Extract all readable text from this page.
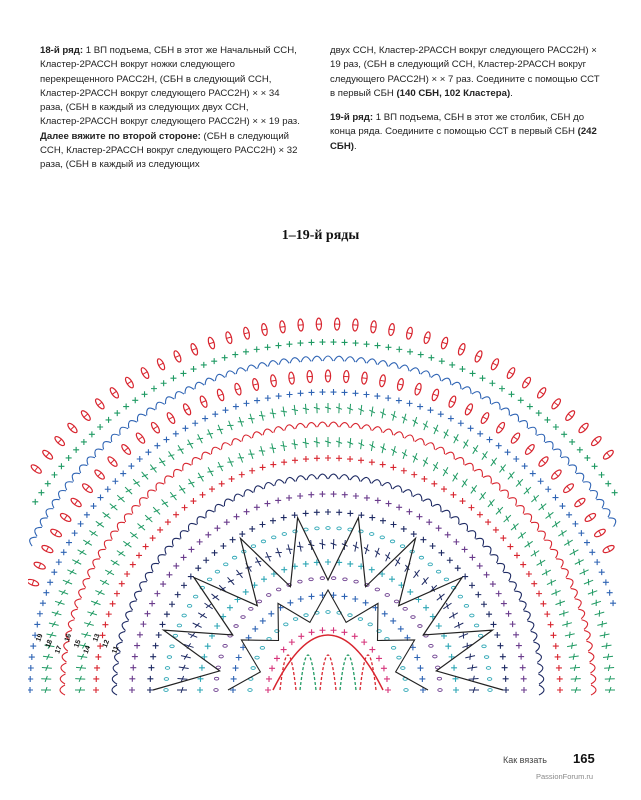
18-й ряд: 1 ВП подъема, СБН в этот же Начальный ССН, Кластер-2РАССН вокруг ножки следующего перекрещенного РАСС2Н, (СБН в следующий ССН, Кластер-2РАССН вокруг следующего РАСС2Н) × × 34 раза, (СБН в каждый из следующих двух ССН, Кластер-2РАССН вокруг следующего РАСС2Н) × × 19 раз.

Далее вяжите по второй стороне: (СБН в следующий ССН, Кластер-2РАССН вокруг следующего РАСС2Н) × 32 раза, (СБН в каждый из следующих

двух ССН, Кластер-2РАССН вокруг следующего РАСС2Н) × 19 раз, (СБН в следующий ССН, Кластер-2РАССН вокруг следующего РАСС2Н) × × 7 раз. Соедините с помощью ССТ в первый СБН (140 СБН, 102 Кластера).

19-й ряд: 1 ВП подъема, СБН в этот же столбик, СБН до конца ряда. Соедините с помощью ССТ в первый СБН (242 СБН).

1–19-й ряды
19
18
17
16
15
14
13
12
11
Как вязать 165
PassionForum.ru
